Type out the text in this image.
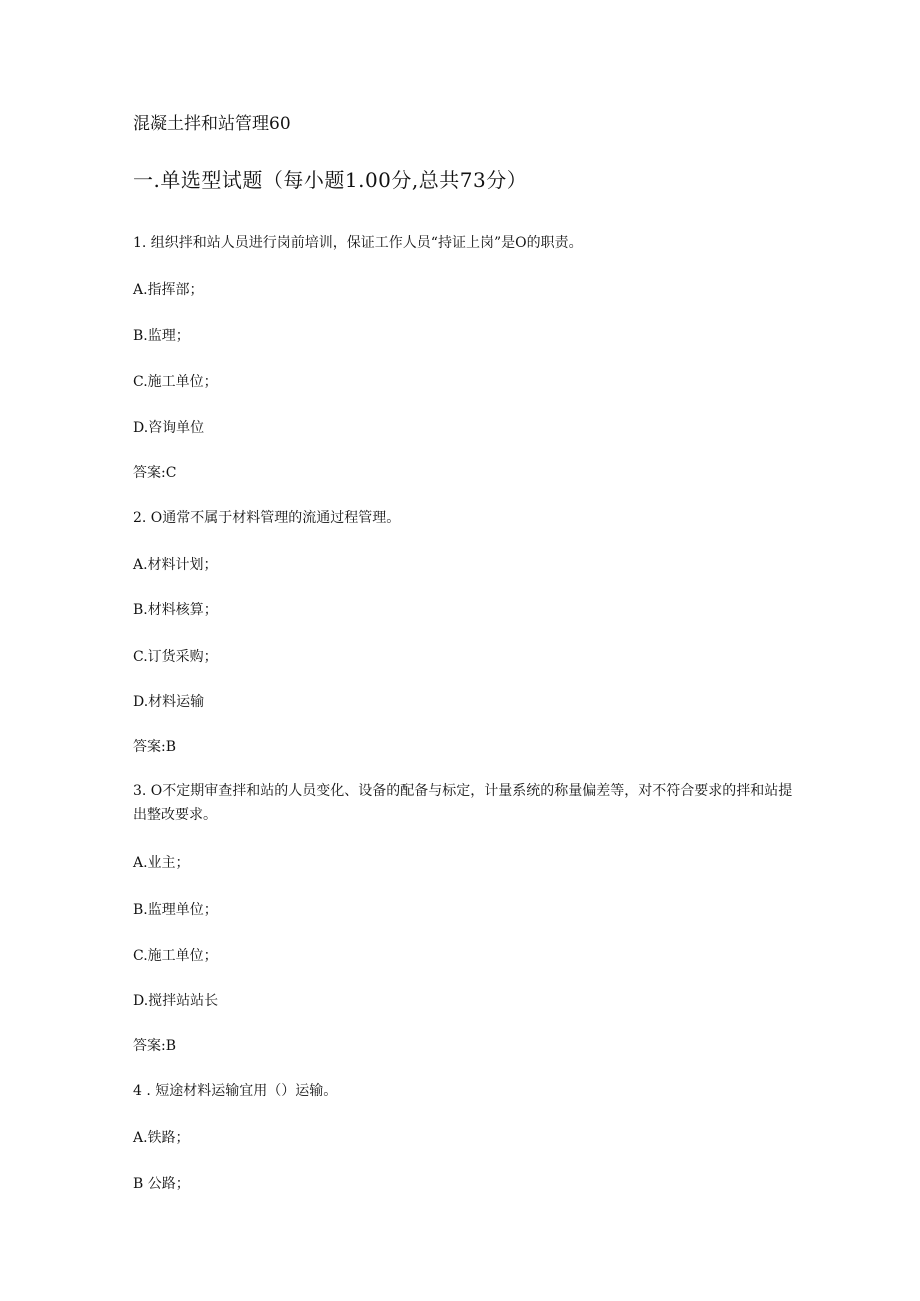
混凝土拌和站管理60
一.单选型试题（每小题1.00分,总共73分）
1. 组织拌和站人员进行岗前培训，保证工作人员“持证上岗”是O的职责。
A.指挥部；
B.监理；
C.施工单位；
D.咨询单位
答案:C
2. O通常不属于材料管理的流通过程管理。
A.材料计划；
B.材料核算；
C.订货采购；
D.材料运输
答案:B
3. O不定期审查拌和站的人员变化、设备的配备与标定，计量系统的称量偏差等，对不符合要求的拌和站提出整改要求。
A.业主；
B.监理单位；
C.施工单位；
D.搅拌站站长
答案:B
4 . 短途材料运输宜用（）运输。
A.铁路；
B 公路；
